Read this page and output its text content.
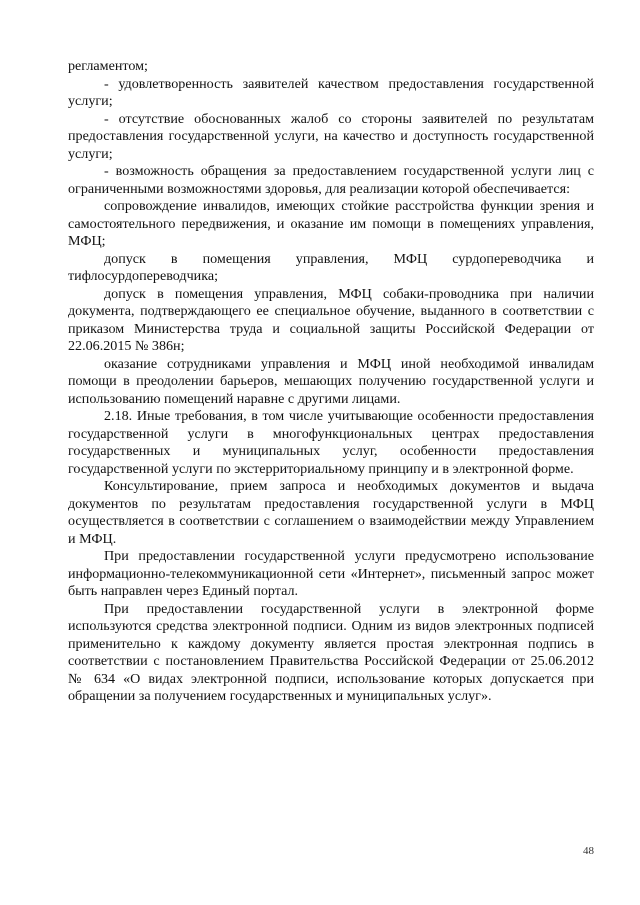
регламентом;

- удовлетворенность заявителей качеством предоставления государственной услуги;

- отсутствие обоснованных жалоб со стороны заявителей по результатам предоставления государственной услуги, на качество и доступность государственной услуги;

- возможность обращения за предоставлением государственной услуги лиц с ограниченными возможностями здоровья, для реализации которой обеспечивается:

сопровождение инвалидов, имеющих стойкие расстройства функции зрения и самостоятельного передвижения, и оказание им помощи в помещениях управления, МФЦ;

допуск в помещения управления, МФЦ сурдопереводчика и тифлосурдопереводчика;

допуск в помещения управления, МФЦ собаки-проводника при наличии документа, подтверждающего ее специальное обучение, выданного в соответствии с приказом Министерства труда и социальной защиты Российской Федерации от 22.06.2015 № 386н;

оказание сотрудниками управления и МФЦ иной необходимой инвалидам помощи в преодолении барьеров, мешающих получению государственной услуги и использованию помещений наравне с другими лицами.

2.18. Иные требования, в том числе учитывающие особенности предоставления государственной услуги в многофункциональных центрах предоставления государственных и муниципальных услуг, особенности предоставления государственной услуги по экстерриториальному принципу и в электронной форме.

Консультирование, прием запроса и необходимых документов и выдача документов по результатам предоставления государственной услуги в МФЦ осуществляется в соответствии с соглашением о взаимодействии между Управлением и МФЦ.

При предоставлении государственной услуги предусмотрено использование информационно-телекоммуникационной сети «Интернет», письменный запрос может быть направлен через Единый портал.

При предоставлении государственной услуги в электронной форме используются средства электронной подписи. Одним из видов электронных подписей применительно к каждому документу является простая электронная подпись в соответствии с постановлением Правительства Российской Федерации от 25.06.2012 № 634 «О видах электронной подписи, использование которых допускается при обращении за получением государственных и муниципальных услуг».

48
